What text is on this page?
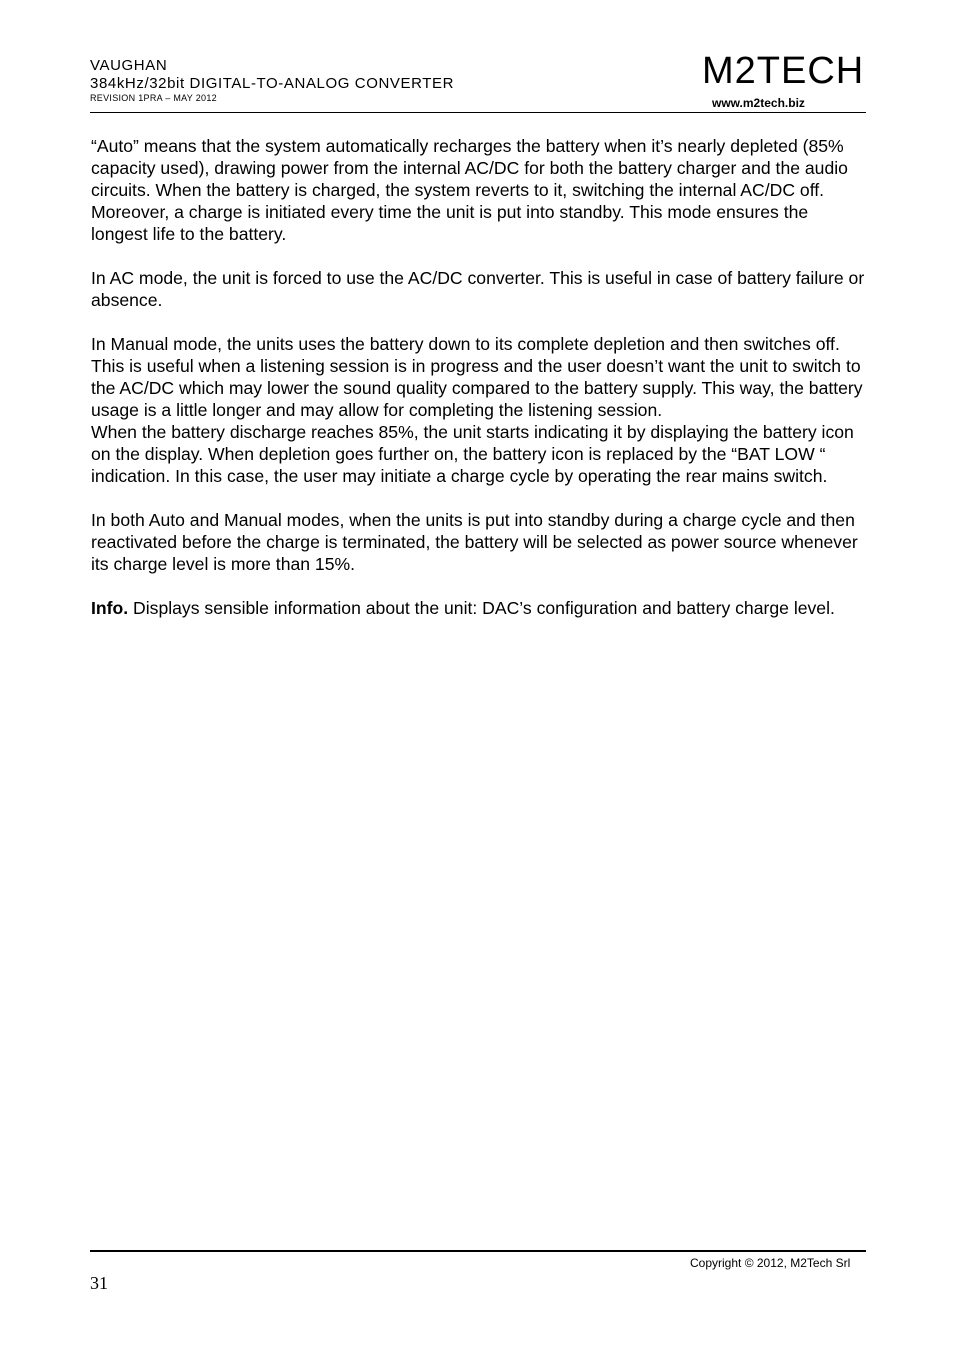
VAUGHAN
384kHz/32bit DIGITAL-TO-ANALOG CONVERTER
REVISION 1PRA – MAY 2012
M2TECH
www.m2tech.biz

“Auto” means that the system automatically recharges the battery when it’s nearly depleted (85% capacity used), drawing power from the internal AC/DC for both the battery charger and the audio circuits. When the battery is charged, the system reverts to it, switching the internal AC/DC off. Moreover, a charge is initiated every time the unit is put into standby. This mode ensures the longest life to the battery.

In AC mode, the unit is forced to use the AC/DC converter. This is useful in case of battery failure or absence.

In Manual mode, the units uses the battery down to its complete depletion and then switches off. This is useful when a listening session is in progress and the user doesn’t want the unit to switch to the AC/DC which may lower the sound quality compared to the battery supply. This way, the battery usage is a little longer and may allow for completing the listening session.

When the battery discharge reaches 85%, the unit starts indicating it by displaying the battery icon on the display. When depletion goes further on, the battery icon is replaced by the “BAT LOW “ indication. In this case, the user may initiate a charge cycle by operating the rear mains switch.

In both Auto and Manual modes, when the units is put into standby during a charge cycle and then reactivated before the charge is terminated, the battery will be selected as power source whenever its charge level is more than 15%.

Info. Displays sensible information about the unit: DAC’s configuration and battery charge level.

Copyright © 2012, M2Tech Srl
31
